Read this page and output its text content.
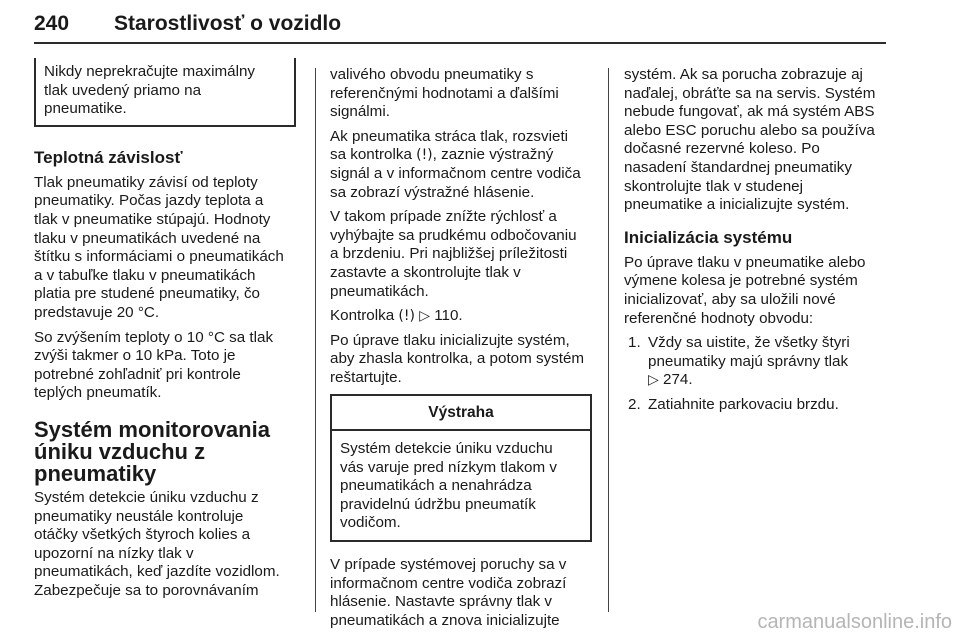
240 Starostlivosť o vozidlo
Nikdy neprekračujte maximálny
tlak uvedený priamo na
pneumatike.
Teplotná závislosť

Tlak pneumatiky závisí od teploty
pneumatiky. Počas jazdy teplota a
tlak v pneumatike stúpajú. Hodnoty
tlaku v pneumatikách uvedené na
štítku s informáciami o pneumatikách
a v tabuľke tlaku v pneumatikách
platia pre studené pneumatiky, čo
predstavuje 20 °C.

So zvýšením teploty o 10 °C sa tlak
zvýši takmer o 10 kPa. Toto je
potrebné zohľadniť pri kontrole
teplých pneumatík.

Systém monitorovania
úniku vzduchu z
pneumatiky

Systém detekcie úniku vzduchu z
pneumatiky neustále kontroluje
otáčky všetkých štyroch kolies a
upozorní na nízky tlak v
pneumatikách, keď jazdíte vozidlom.
Zabezpečuje sa to porovnávaním

valivého obvodu pneumatiky s
referenčnými hodnotami a ďalšími
signálmi.

Ak pneumatika stráca tlak, rozsvieti
sa kontrolka (!), zaznie výstražný
signál a v informačnom centre vodiča
sa zobrazí výstražné hlásenie.

V takom prípade znížte rýchlosť a
vyhýbajte sa prudkému odbočovaniu
a brzdeniu. Pri najbližšej príležitosti
zastavte a skontrolujte tlak v
pneumatikách.

Kontrolka (!) ▷ 110.

Po úprave tlaku inicializujte systém,
aby zhasla kontrolka, a potom systém
reštartujte.

Výstraha
Systém detekcie úniku vzduchu
vás varuje pred nízkym tlakom v
pneumatikách a nenahrádza
pravidelnú údržbu pneumatík
vodičom.

V prípade systémovej poruchy sa v
informačnom centre vodiča zobrazí
hlásenie. Nastavte správny tlak v
pneumatikách a znova inicializujte

systém. Ak sa porucha zobrazuje aj
naďalej, obráťte sa na servis. Systém
nebude fungovať, ak má systém ABS
alebo ESC poruchu alebo sa používa
dočasné rezervné koleso. Po
nasadení štandardnej pneumatiky
skontrolujte tlak v studenej
pneumatike a inicializujte systém.

Inicializácia systému

Po úprave tlaku v pneumatike alebo
výmene kolesa je potrebné systém
inicializovať, aby sa uložili nové
referenčné hodnoty obvodu:

1. Vždy sa uistite, že všetky štyri
pneumatiky majú správny tlak
▷ 274.
2. Zatiahnite parkovaciu brzdu.
carmanualsonline.info
